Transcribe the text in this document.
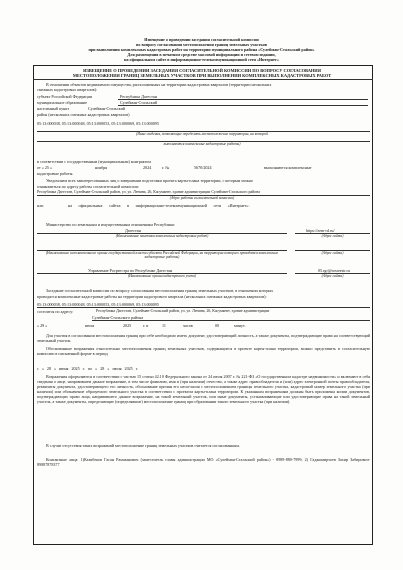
Извещение о проведении заседания согласительной комиссии
по вопросу согласования местоположения границ земельных участков
при выполнении комплексных кадастровых работ на территории муниципального района «Сулейман-Стальский район»
Для размещения в печатном средстве массовой информации и сетевом издании,
на официальном сайте в информационно-телекоммуникационной сети «Интернет»
ИЗВЕЩЕНИЕ О ПРОВЕДЕНИИ ЗАСЕДАНИЯ СОГЛАСИТЕЛЬНОЙ КОМИССИИ ПО ВОПРОСУ СОГЛАСОВАНИЯ
МЕСТОПОЛОЖЕНИЯ ГРАНИЦ ЗЕМЕЛЬНЫХ УЧАСТКОВ ПРИ ВЫПОЛНЕНИИ КОМПЛЕКСНЫХ КАДАСТРОВЫХ РАБОТ
В отношении объектов недвижимого имущества, расположенных на территории кадастровых кварталов (территории нескольких
смежных кадастровых кварталов):
субъект Российской Федерации	Республика Дагестан
муниципальное образование	Сулейман-Стальский
населенный пункт	Сулейман-Стальский
район (нескольких смежных кадастровых кварталов)
05:13:000038, 05:13:000048, 05:13:000053, 05:13:000069, 05:13:000095
(Иные сведения, позволяющие определить местоположение территории, на которой
выполняются комплексные кадастровые работы)
в соответствии с государственным (муниципальным) контрактом
от « 25 »	ноября	2024	г. №	5670/2024	выполняются комплексные
кадастровые работы.
Уведомляем всех заинтересованных лиц о завершении подготовки проекта карты-плана территории, с которым можно
ознакомиться по адресу работы согласительной комиссии:
Республика Дагестан, Сулейман-Стальский район, ул. ул. Ленина, 26, Касумкент, здание администрации Сулейман-Стальского района
(Адрес работы согласительной комиссии)
или	на официальных сайтах в информационно-телекоммуникационной сети «Интернет»:
Министерство по земельным и имущественным отношениям Республики
Дагестан	https://zem-rd.ru/
(Наименование заказчика комплексных кадастровых работ)	(Адрес сайта)
(Наименование исполнительного органа государственной власти субъекта Российской Федерации, на территории которого проводятся комплексные кадастровые работы)
(Адрес сайта)
Управление Росреестра по Республике Дагестан	05.rgr@rosreestr.ru
(Наименование органа кадастрового учета)	(Адрес сайта)
Заседание согласительной комиссии по вопросу согласования местоположения границ земельных участков, в отношении которых
проводятся комплексные кадастровые работы на территории кадастрового квартала (нескольких смежных кадастровых кварталов):
05:13:000038, 05:13:000048, 05:13:000053, 05:13:000069, 05:13:000095
состоится по адресу:	Республика Дагестан, Сулейман-Стальский район, ул. ул. Ленина, 26, Касумкент, здание администрации
Сулейман-Стальского района
« 29 »	июля	2025	г. в	11	часов	00	минут.
Для участия в согласовании местоположения границ при себе необходимо иметь документ, удостоверяющий личность, а также документы, подтверждающие права на соответствующий земельный участок.
Обоснованные возражения относительно местоположения границ земельных участков, содержащиеся в проекте карты-плана территории, можно представить в согласительную комиссию в письменной форме в период
с « 28 » июня 2025 г. по « 28 » июля 2025 г.
Возражения оформляются в соответствии с частью 15 статьи 42.10 Федерального закона от 24 июля 2007 г. № 221-ФЗ «О государственном кадастре недвижимости» и включают в себя сведения о лице, направившем данное возражение, в том числе фамилию, имя и (при наличии) отчество, а также адрес правообладателя и (или) адрес электронной почты правообладателя, реквизиты документа, удостоверяющего его личность, обоснование причин его несогласия с местоположением границы земельного участка, кадастровый номер земельного участка (при наличии) или обозначение образуемого земельного участка в соответствии с проектом карты-плана территории. К указанным возражениям должны быть приложены копии документов, подтверждающих право лица, направившего данное возражение, на такой земельный участок, или иные документы, устанавливающие или удостоверяющие права на такой земельный участок, а также документы, определяющие (определявшие) местоположение границ при образовании такого земельного участка (при наличии).
В случае отсутствия таких возражений местоположение границ земельных участков считается согласованным.
Контактные лица: 1)Казибеков Гасан Рамазанович (заместитель главы администрации МО «Сулейман-Стальский район») - 8989-880-7999; 2) Гаджимирзоев Захир Забирович- 89887878377
